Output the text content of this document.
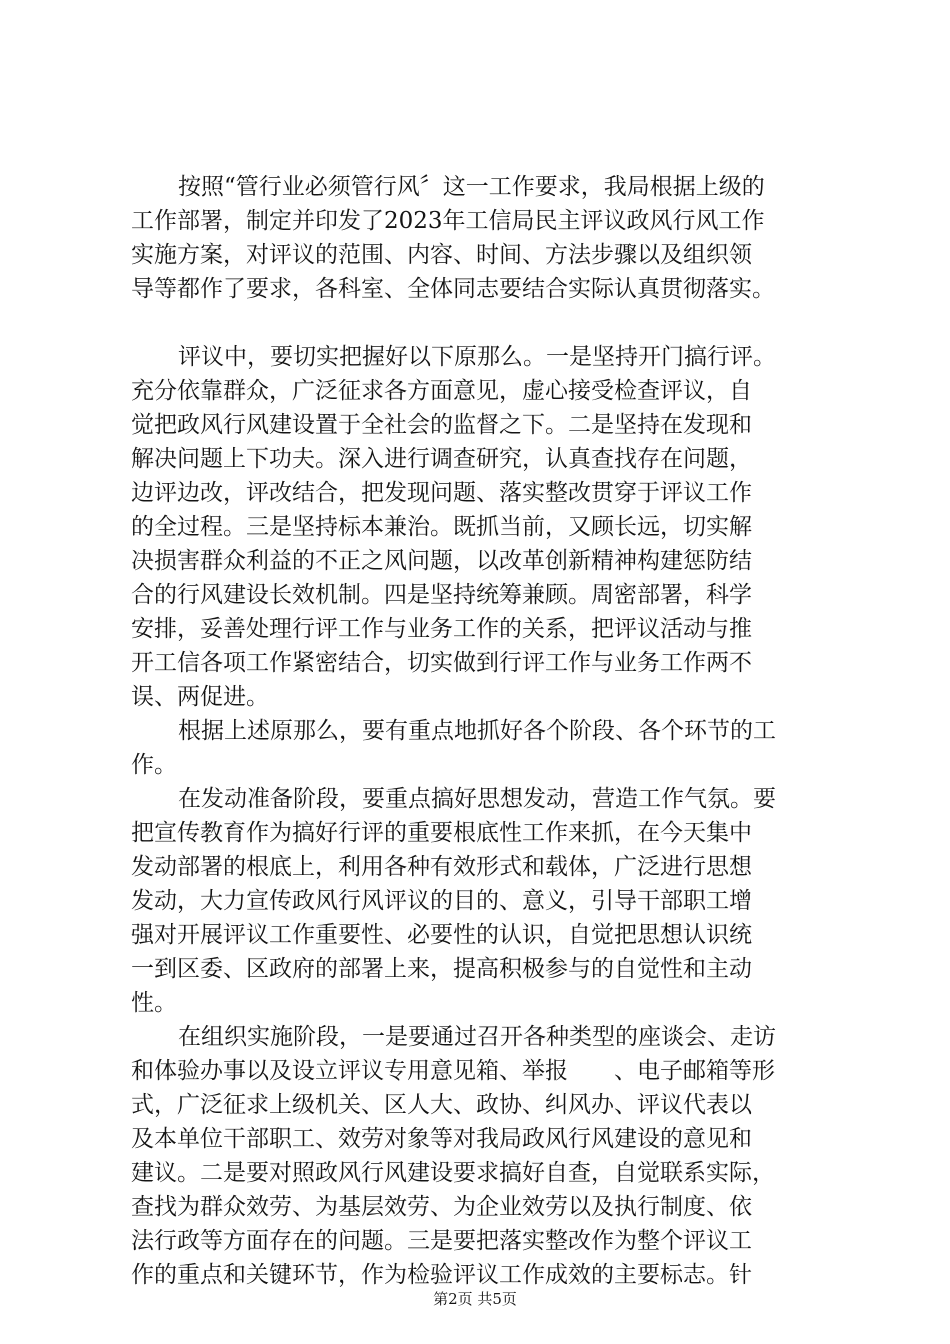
按照“管行业必须管行风〞这一工作要求，我局根据上级的
工作部署，制定并印发了2023年工信局民主评议政风行风工作
实施方案，对评议的范围、内容、时间、方法步骤以及组织领
导等都作了要求，各科室、全体同志要结合实际认真贯彻落实。
评议中，要切实把握好以下原那么。一是坚持开门搞行评。
充分依靠群众，广泛征求各方面意见，虚心接受检查评议，自
觉把政风行风建设置于全社会的监督之下。二是坚持在发现和
解决问题上下功夫。深入进行调查研究，认真查找存在问题，
边评边改，评改结合，把发现问题、落实整改贯穿于评议工作
的全过程。三是坚持标本兼治。既抓当前，又顾长远，切实解
决损害群众利益的不正之风问题，以改革创新精神构建惩防结
合的行风建设长效机制。四是坚持统筹兼顾。周密部署，科学
安排，妥善处理行评工作与业务工作的关系，把评议活动与推
开工信各项工作紧密结合，切实做到行评工作与业务工作两不
误、两促进。
根据上述原那么，要有重点地抓好各个阶段、各个环节的工
作。
在发动准备阶段，要重点搞好思想发动，营造工作气氛。要
把宣传教育作为搞好行评的重要根底性工作来抓，在今天集中
发动部署的根底上，利用各种有效形式和载体，广泛进行思想
发动，大力宣传政风行风评议的目的、意义，引导干部职工增
强对开展评议工作重要性、必要性的认识，自觉把思想认识统
一到区委、区政府的部署上来，提高积极参与的自觉性和主动
性。
在组织实施阶段，一是要通过召开各种类型的座谈会、走访
和体验办事以及设立评议专用意见箱、举报　　、电子邮箱等形
式，广泛征求上级机关、区人大、政协、纠风办、评议代表以
及本单位干部职工、效劳对象等对我局政风行风建设的意见和
建议。二是要对照政风行风建设要求搞好自查，自觉联系实际，
查找为群众效劳、为基层效劳、为企业效劳以及执行制度、依
法行政等方面存在的问题。三是要把落实整改作为整个评议工
作的重点和关键环节，作为检验评议工作成效的主要标志。针
第2页 共5页
